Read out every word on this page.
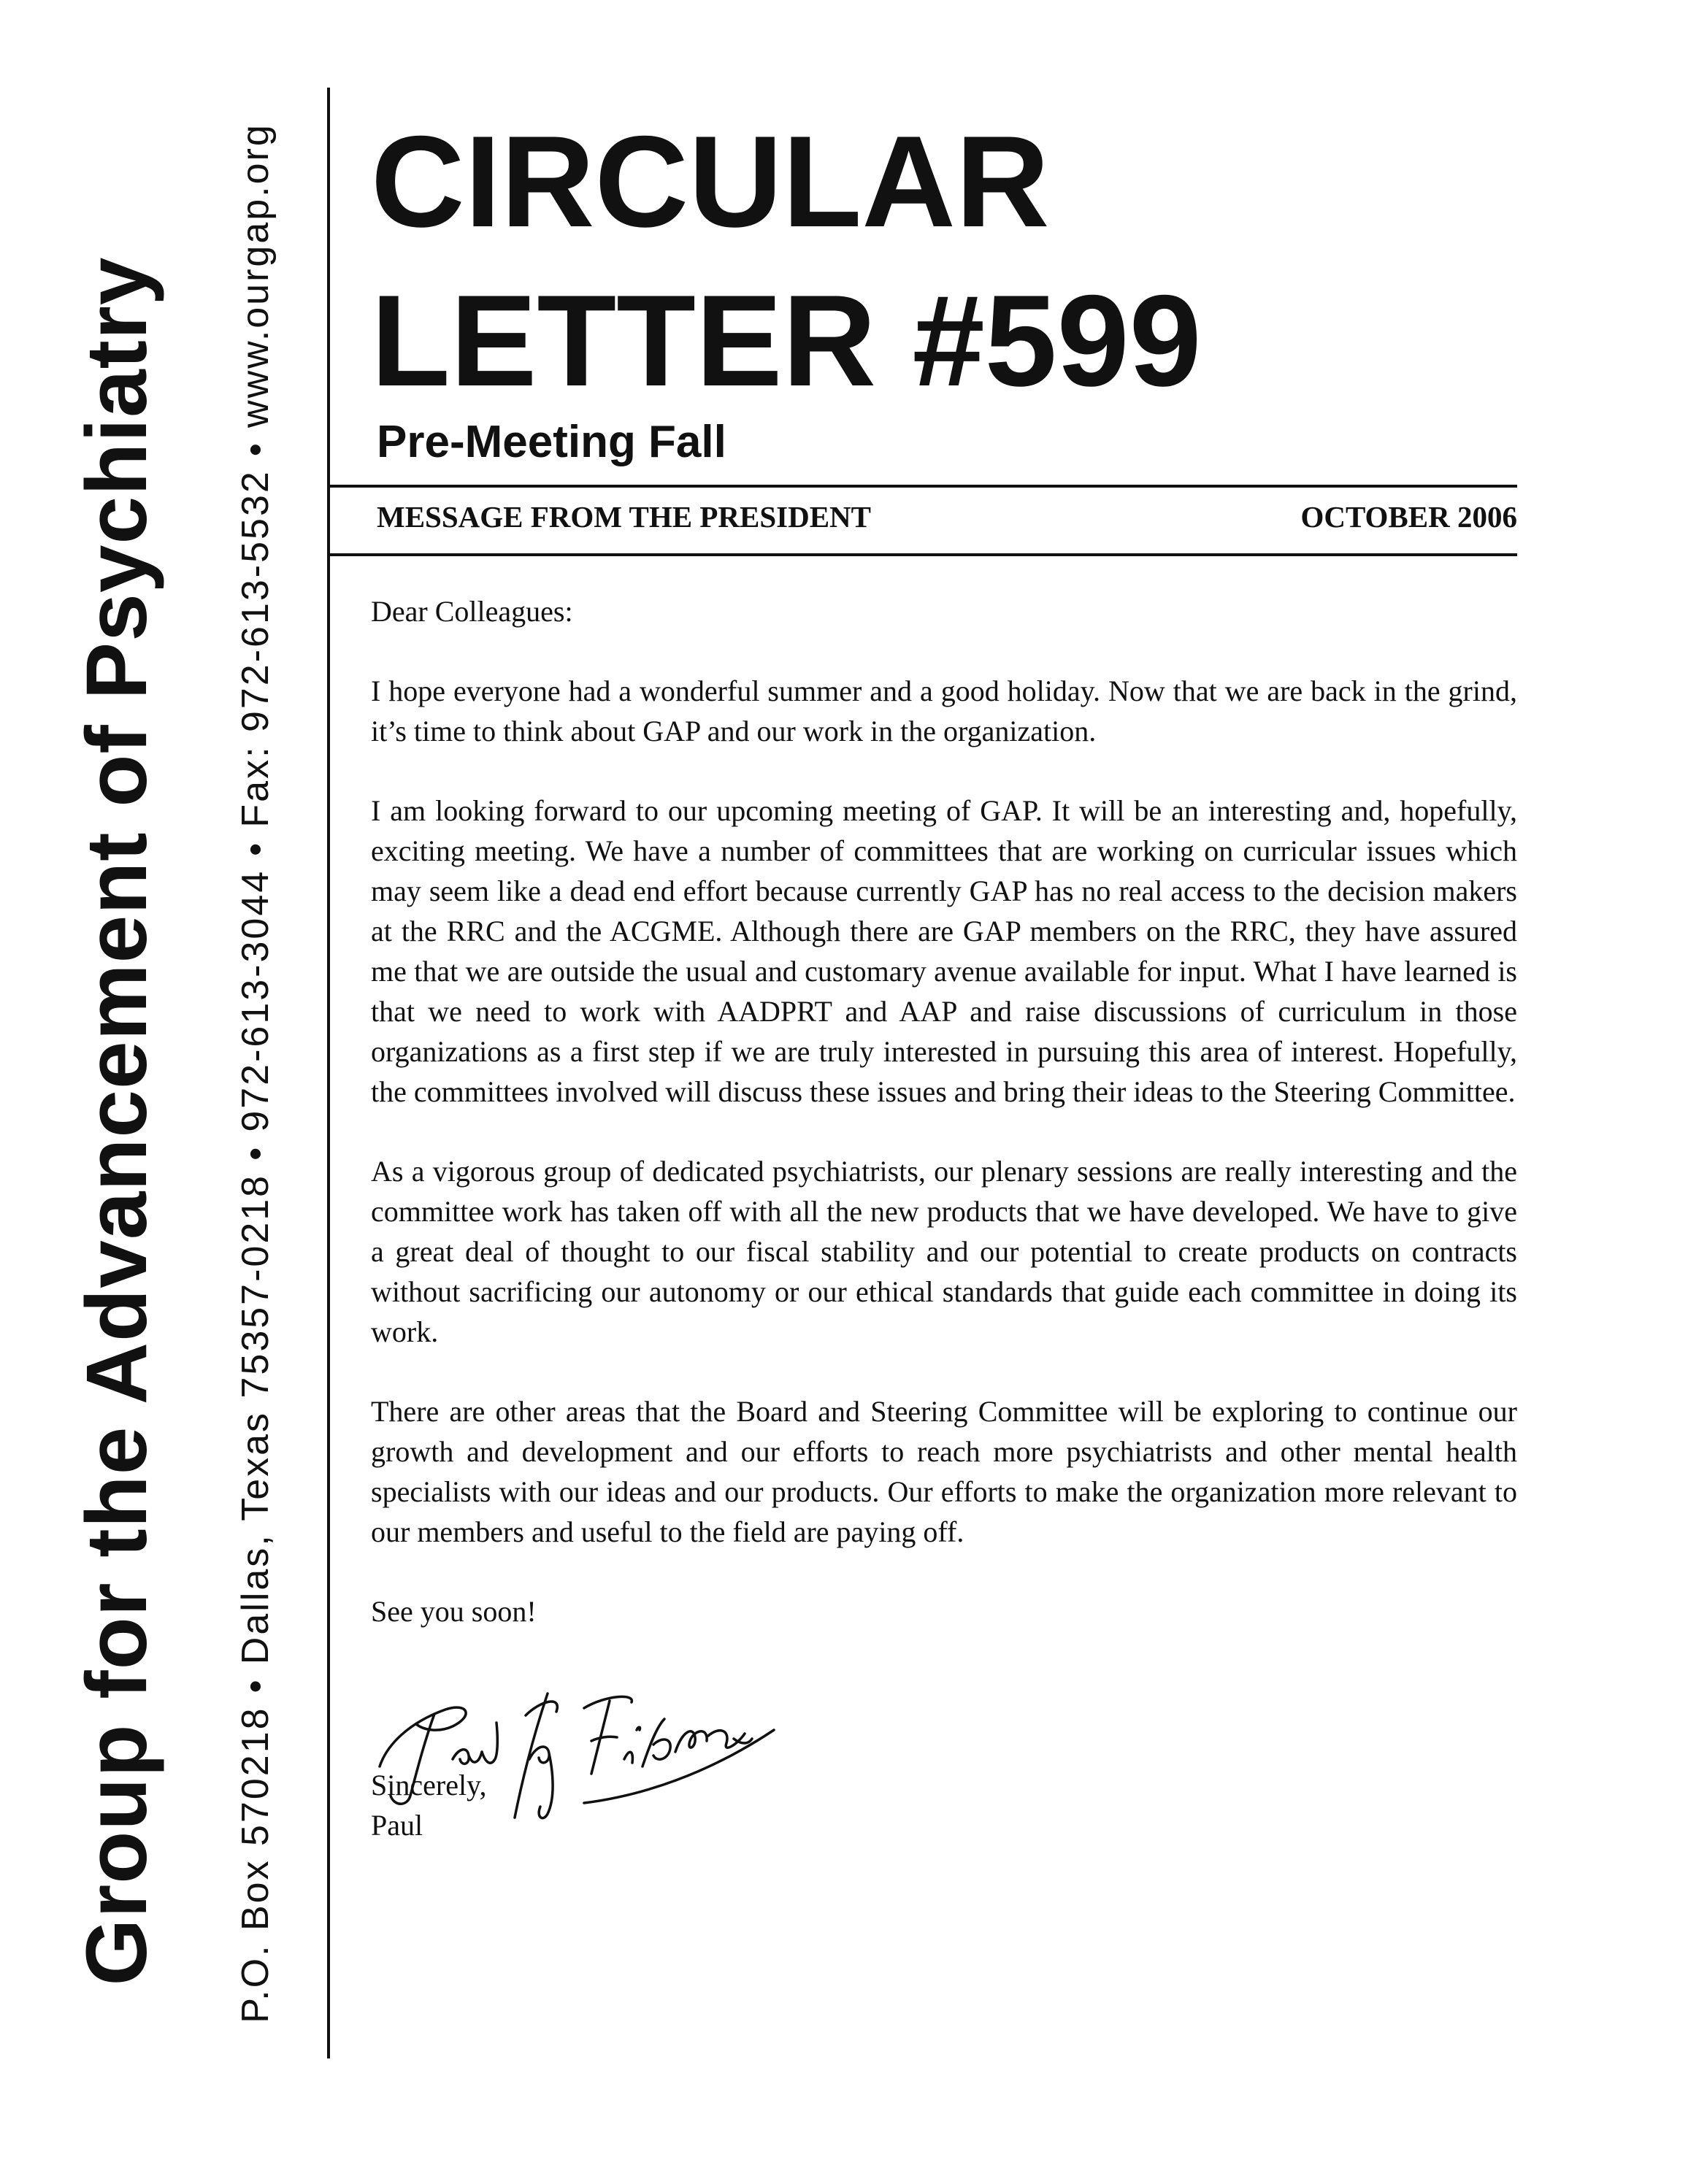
Group for the Advancement of Psychiatry P.O. Box 570218•Dallas, Texas 75357-0218•972-613-3044•Fax: 972-613-5532•www.ourgap.org CIRCULAR
LETTER #599
Pre-Meeting Fall
MESSAGE FROM THE PRESIDENT	OCTOBER 2006

Dear Colleagues:

I hope everyone had a wonderful summer and a good holiday. Now that we are back in the grind, it’s time to think about GAP and our work in the organization.

I am looking forward to our upcoming meeting of GAP. It will be an interesting and, hopefully, exciting meeting. We have a number of committees that are working on curricular issues which may seem like a dead end effort because currently GAP has no real access to the decision makers at the RRC and the ACGME. Although there are GAP members on the RRC, they have assured me that we are outside the usual and customary avenue available for input. What I have learned is that we need to work with AADPRT and AAP and raise discussions of curriculum in those organizations as a first step if we are truly interested in pursuing this area of interest. Hopefully, the committees involved will discuss these issues and bring their ideas to the Steering Committee.

As a vigorous group of dedicated psychiatrists, our plenary sessions are really interesting and the committee work has taken off with all the new products that we have developed. We have to give a great deal of thought to our fiscal stability and our potential to create products on contracts without sacrificing our autonomy or our ethical standards that guide each committee in doing its work.

There are other areas that the Board and Steering Committee will be exploring to continue our growth and development and our efforts to reach more psychiatrists and other mental health specialists with our ideas and our products. Our efforts to make the organization more relevant to our members and useful to the field are paying off.

See you soon!

Sincerely,
Paul
